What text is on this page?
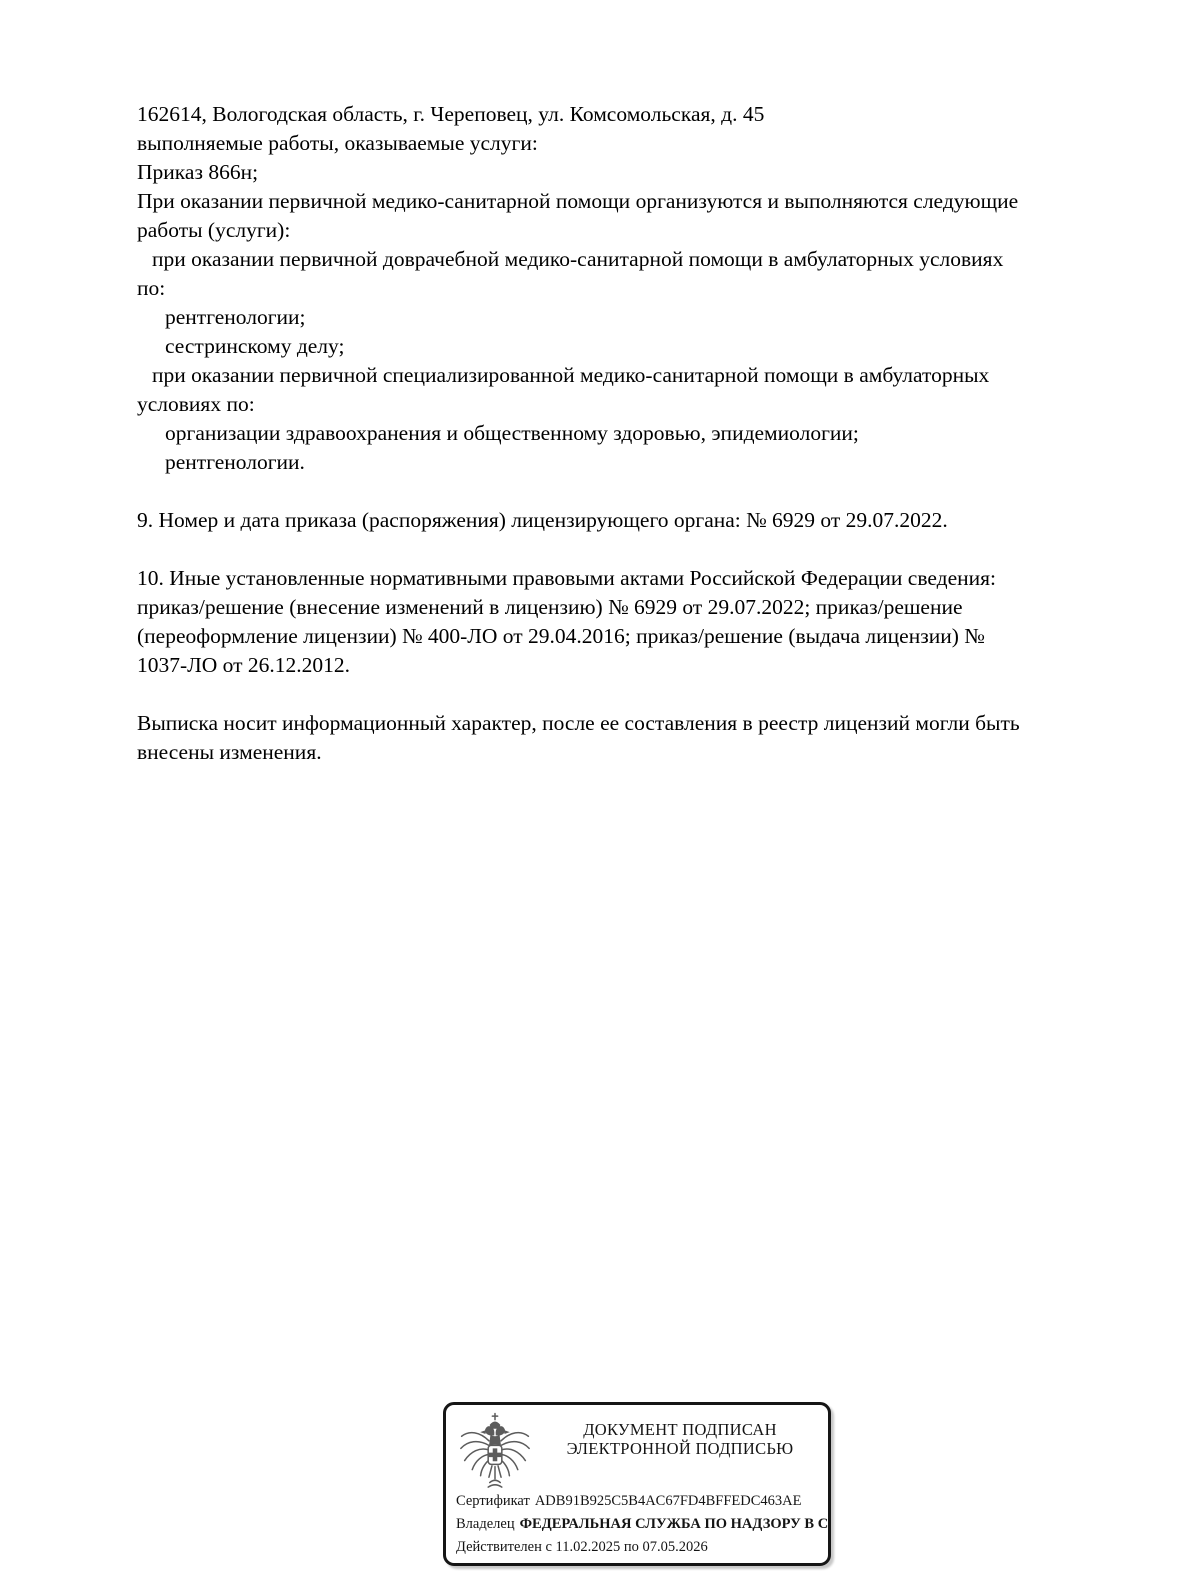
162614, Вологодская область, г. Череповец, ул. Комсомольская, д. 45
выполняемые работы, оказываемые услуги:
Приказ 866н;
При оказании первичной медико-санитарной помощи организуются и выполняются следующие
работы (услуги):
при оказании первичной доврачебной медико-санитарной помощи в амбулаторных условиях
по:
рентгенологии;
сестринскому делу;
при оказании первичной специализированной медико-санитарной помощи в амбулаторных
условиях по:
организации здравоохранения и общественному здоровью, эпидемиологии;
рентгенологии.

9. Номер и дата приказа (распоряжения) лицензирующего органа: № 6929 от 29.07.2022.

10. Иные установленные нормативными правовыми актами Российской Федерации сведения:
приказ/решение (внесение изменений в лицензию) № 6929 от 29.07.2022; приказ/решение
(переоформление лицензии) № 400-ЛО от 29.04.2016; приказ/решение (выдача лицензии) №
1037-ЛО от 26.12.2012.

Выписка носит информационный характер, после ее составления в реестр лицензий могли быть
внесены изменения.
ДОКУМЕНТ ПОДПИСАН
ЭЛЕКТРОННОЙ ПОДПИСЬЮ
Сертификат ADB91B925C5B4AC67FD4BFFEDC463AE
Владелец ФЕДЕРАЛЬНАЯ СЛУЖБА ПО НАДЗОРУ В С
Действителен с 11.02.2025 по 07.05.2026
